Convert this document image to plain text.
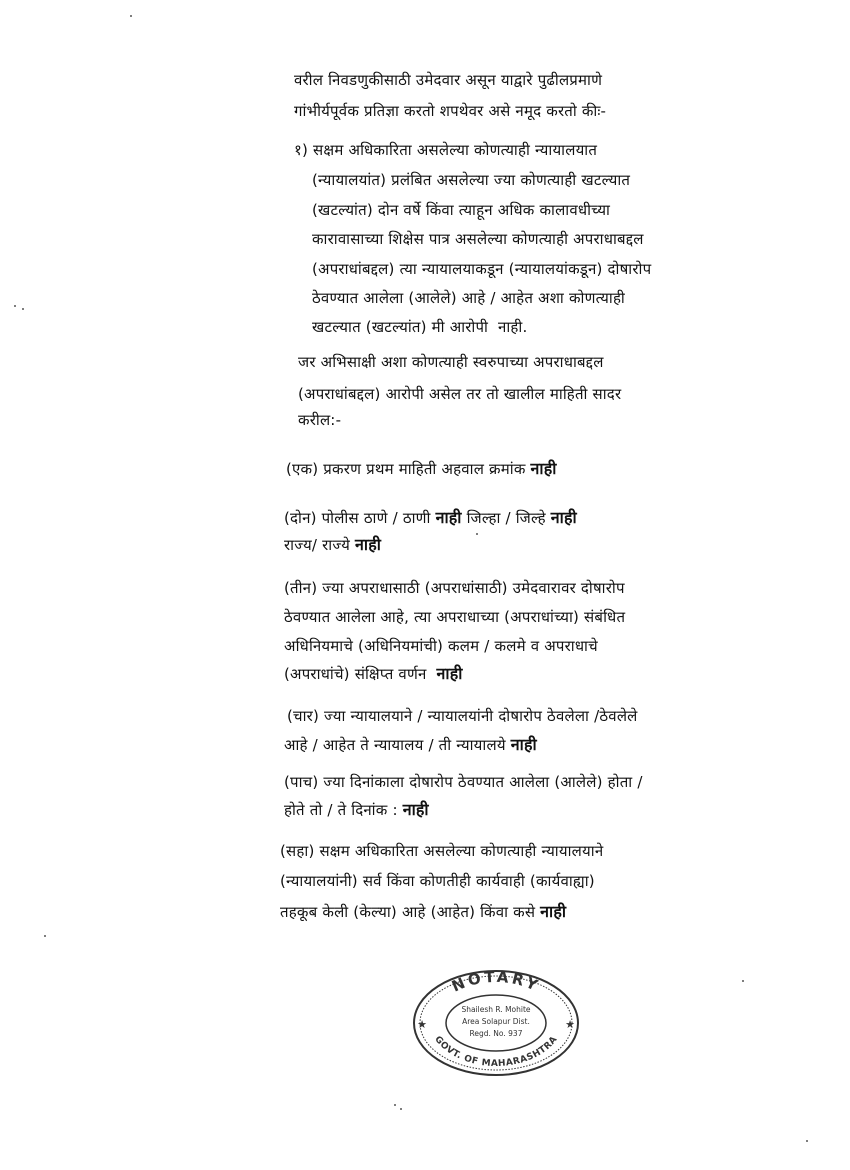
वरील निवडणुकीसाठी उमेदवार असून याद्वारे पुढीलप्रमाणे
गांभीर्यपूर्वक प्रतिज्ञा करतो शपथेवर असे नमूद करतो कीः-
१) सक्षम अधिकारिता असलेल्या कोणत्याही न्यायालयात
(न्यायालयांत) प्रलंबित असलेल्या ज्या कोणत्याही खटल्यात
(खटल्यांत) दोन वर्षे किंवा त्याहून अधिक कालावधीच्या
कारावासाच्या शिक्षेस पात्र असलेल्या कोणत्याही अपराधाबद्दल
(अपराधांबद्दल) त्या न्यायालयाकडून (न्यायालयांकडून) दोषारोप
ठेवण्यात आलेला (आलेले) आहे / आहेत अशा कोणत्याही
खटल्यात (खटल्यांत) मी आरोपी नाही.
जर अभिसाक्षी अशा कोणत्याही स्वरुपाच्या अपराधाबद्दल
(अपराधांबद्दल) आरोपी असेल तर तो खालील माहिती सादर
करील:-
(एक) प्रकरण प्रथम माहिती अहवाल क्रमांक नाही
(दोन) पोलीस ठाणे / ठाणी नाही जिल्हा / जिल्हे नाही
राज्य/ राज्ये नाही
(तीन) ज्या अपराधासाठी (अपराधांसाठी) उमेदवारावर दोषारोप
ठेवण्यात आलेला आहे, त्या अपराधाच्या (अपराधांच्या) संबंधित
अधिनियमाचे (अधिनियमांची) कलम / कलमे व अपराधाचे
(अपराधांचे) संक्षिप्त वर्णन नाही
(चार) ज्या न्यायालयाने / न्यायालयांनी दोषारोप ठेवलेला /ठेवलेले
आहे / आहेत ते न्यायालय / ती न्यायालये नाही
(पाच) ज्या दिनांकाला दोषारोप ठेवण्यात आलेला (आलेले) होता /
होते तो / ते दिनांक : नाही
(सहा) सक्षम अधिकारिता असलेल्या कोणत्याही न्यायालयाने
(न्यायालयांनी) सर्व किंवा कोणतीही कार्यवाही (कार्यवाह्या)
तहकूब केली (केल्या) आहे (आहेत) किंवा कसे नाही
NOTARY
GOVT. OF MAHARASHTRA
Shailesh R. Mohite
Area Solapur Dist.
Regd. No. 937
★	★
